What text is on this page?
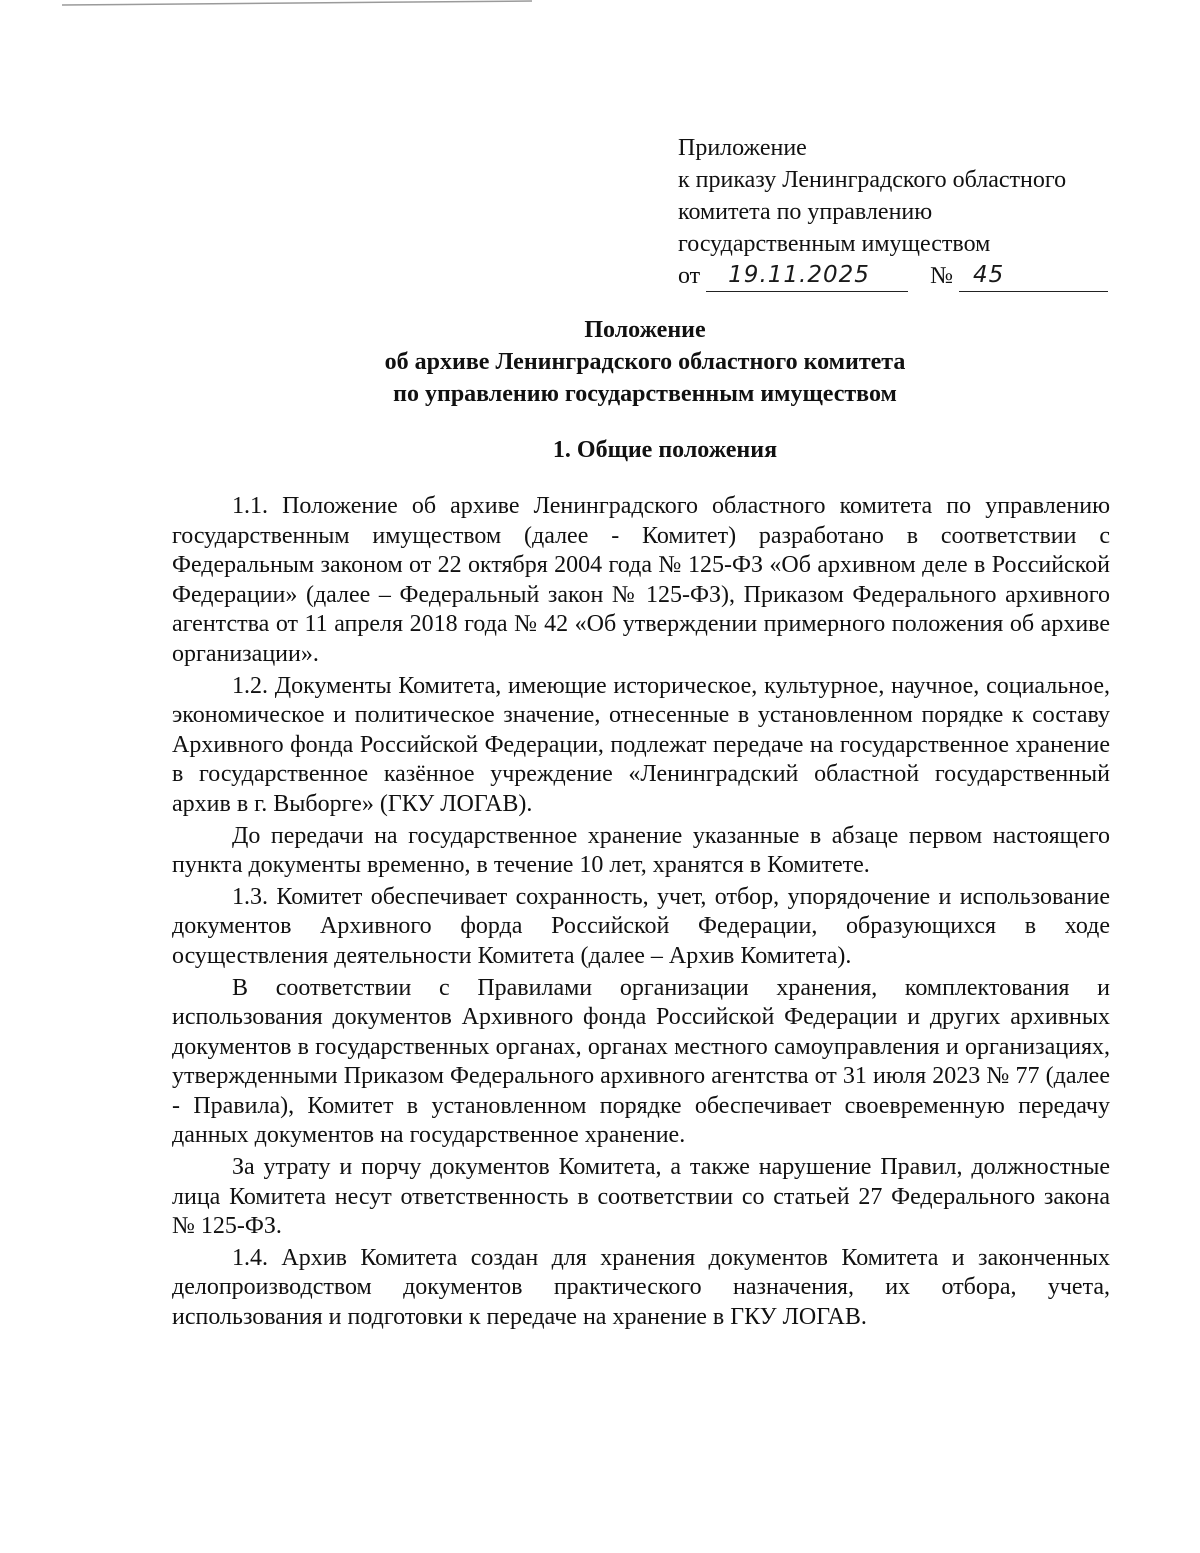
Приложение
к приказу Ленинградского областного
комитета по управлению
государственным имуществом
от 19.11.2025	№ 45
Положение
об архиве Ленинградского областного комитета
по управлению государственным имуществом
1. Общие положения

1.1. Положение об архиве Ленинградского областного комитета по управлению государственным имуществом (далее - Комитет) разработано в соответствии с Федеральным законом от 22 октября 2004 года № 125-ФЗ «Об архивном деле в Российской Федерации» (далее – Федеральный закон № 125-ФЗ), Приказом Федерального архивного агентства от 11 апреля 2018 года № 42 «Об утверждении примерного положения об архиве организации».

1.2. Документы Комитета, имеющие историческое, культурное, научное, социальное, экономическое и политическое значение, отнесенные в установленном порядке к составу Архивного фонда Российской Федерации, подлежат передаче на государственное хранение в государственное казённое учреждение «Ленинградский областной государственный архив в г. Выборге» (ГКУ ЛОГАВ).

До передачи на государственное хранение указанные в абзаце первом настоящего пункта документы временно, в течение 10 лет, хранятся в Комитете.

1.3. Комитет обеспечивает сохранность, учет, отбор, упорядочение и использование документов Архивного форда Российской Федерации, образующихся в ходе осуществления деятельности Комитета (далее – Архив Комитета).

В соответствии с Правилами организации хранения, комплектования и использования документов Архивного фонда Российской Федерации и других архивных документов в государственных органах, органах местного самоуправления и организациях, утвержденными Приказом Федерального архивного агентства от 31 июля 2023 № 77 (далее - Правила), Комитет в установленном порядке обеспечивает своевременную передачу данных документов на государственное хранение.

За утрату и порчу документов Комитета, а также нарушение Правил, должностные лица Комитета несут ответственность в соответствии со статьей 27 Федерального закона № 125-ФЗ.

1.4. Архив Комитета создан для хранения документов Комитета и законченных делопроизводством документов практического назначения, их отбора, учета, использования и подготовки к передаче на хранение в ГКУ ЛОГАВ.
